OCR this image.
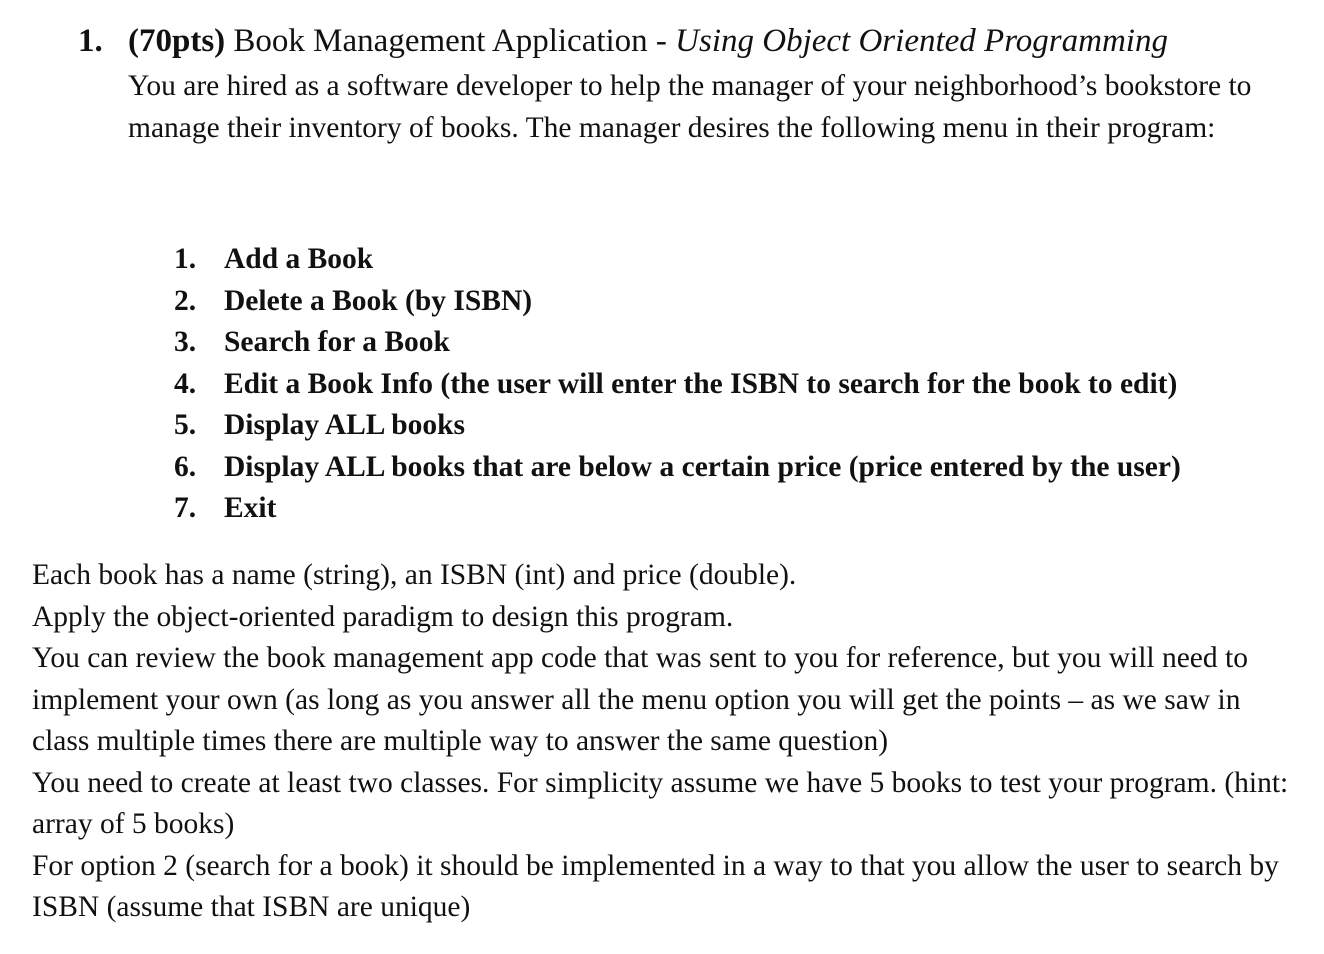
1. (70pts) Book Management Application - Using Object Oriented Programming
You are hired as a software developer to help the manager of your neighborhood’s bookstore to manage their inventory of books. The manager desires the following menu in their program:
1. Add a Book
2. Delete a Book (by ISBN)
3. Search for a Book
4. Edit a Book Info (the user will enter the ISBN to search for the book to edit)
5. Display ALL books
6. Display ALL books that are below a certain price (price entered by the user)
7. Exit

Each book has a name (string), an ISBN (int) and price (double).

Apply the object-oriented paradigm to design this program.

You can review the book management app code that was sent to you for reference, but you will need to implement your own (as long as you answer all the menu option you will get the points – as we saw in class multiple times there are multiple way to answer the same question)

You need to create at least two classes. For simplicity assume we have 5 books to test your program. (hint: array of 5 books)

For option 2 (search for a book) it should be implemented in a way to that you allow the user to search by ISBN (assume that ISBN are unique)
